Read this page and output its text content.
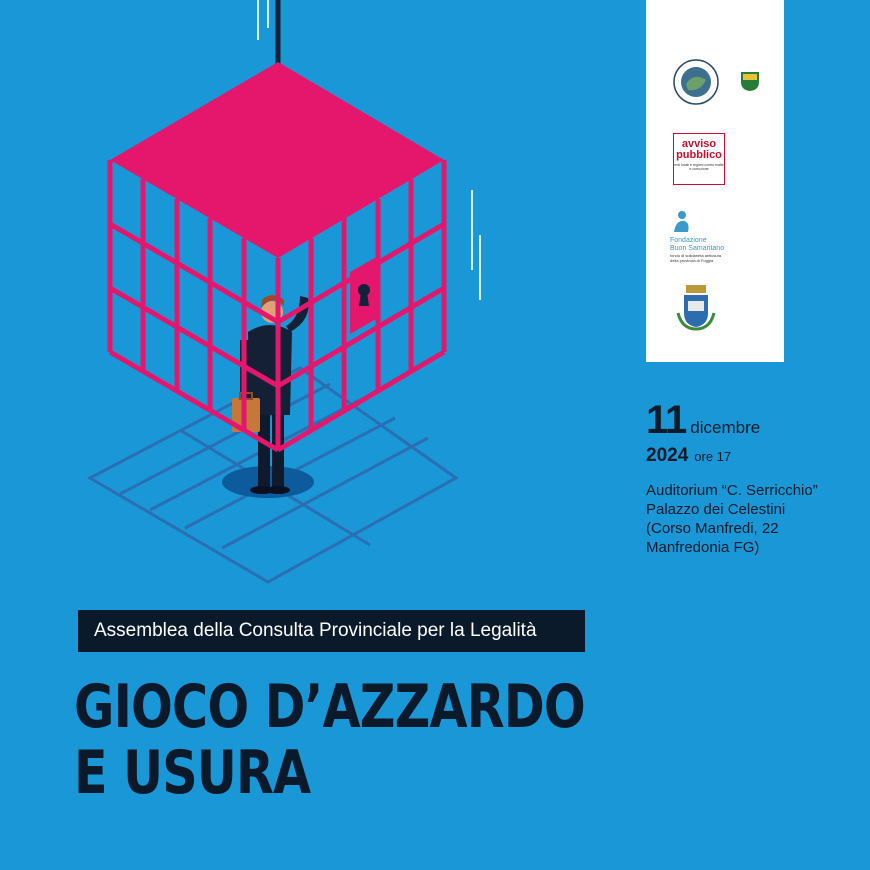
avviso
pubblico
enti locali e regioni contro mafie e corruzione
Fondazione
Buon Samaritano
fondo di solidarietà antiusura della provincia di Foggia
11 dicembre
2024 ore 17
Auditorium “C. Serricchio”
Palazzo dei Celestini
(Corso Manfredi, 22
Manfredonia FG)
Assemblea della Consulta Provinciale per la Legalità
GIOCO D’AZZARDO
E USURA
